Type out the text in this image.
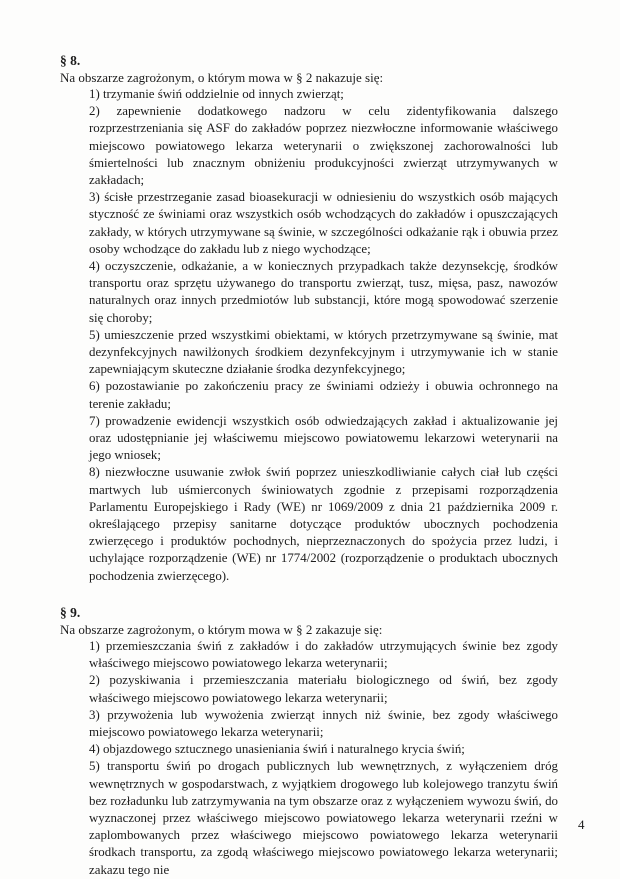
§ 8.

Na obszarze zagrożonym, o którym mowa w § 2 nakazuje się:

1) trzymanie świń oddzielnie od innych zwierząt;

2) zapewnienie dodatkowego nadzoru w celu zidentyfikowania dalszego rozprzestrzeniania się ASF do zakładów poprzez niezwłoczne informowanie właściwego miejscowo powiatowego lekarza weterynarii o zwiększonej zachorowalności lub śmiertelności lub znacznym obniżeniu produkcyjności zwierząt utrzymywanych w zakładach;

3) ścisłe przestrzeganie zasad bioasekuracji w odniesieniu do wszystkich osób mających styczność ze świniami oraz wszystkich osób wchodzących do zakładów i opuszczających zakłady, w których utrzymywane są świnie, w szczególności odkażanie rąk i obuwia przez osoby wchodzące do zakładu lub z niego wychodzące;

4) oczyszczenie, odkażanie, a w koniecznych przypadkach także dezynsekcję, środków transportu oraz sprzętu używanego do transportu zwierząt, tusz, mięsa, pasz, nawozów naturalnych oraz innych przedmiotów lub substancji, które mogą spowodować szerzenie się choroby;

5) umieszczenie przed wszystkimi obiektami, w których przetrzymywane są świnie, mat dezynfekcyjnych nawilżonych środkiem dezynfekcyjnym i utrzymywanie ich w stanie zapewniającym skuteczne działanie środka dezynfekcyjnego;

6) pozostawianie po zakończeniu pracy ze świniami odzieży i obuwia ochronnego na terenie zakładu;

7) prowadzenie ewidencji wszystkich osób odwiedzających zakład i aktualizowanie jej oraz udostępnianie jej właściwemu miejscowo powiatowemu lekarzowi weterynarii na jego wniosek;

8) niezwłoczne usuwanie zwłok świń poprzez unieszkodliwianie całych ciał lub części martwych lub uśmierconych świniowatych zgodnie z przepisami rozporządzenia Parlamentu Europejskiego i Rady (WE) nr 1069/2009 z dnia 21 października 2009 r. określającego przepisy sanitarne dotyczące produktów ubocznych pochodzenia zwierzęcego i produktów pochodnych, nieprzeznaczonych do spożycia przez ludzi, i uchylające rozporządzenie (WE) nr 1774/2002 (rozporządzenie o produktach ubocznych pochodzenia zwierzęcego).

§ 9.

Na obszarze zagrożonym, o którym mowa w § 2 zakazuje się:

1) przemieszczania świń z zakładów i do zakładów utrzymujących świnie bez zgody właściwego miejscowo powiatowego lekarza weterynarii;

2) pozyskiwania i przemieszczania materiału biologicznego od świń, bez zgody właściwego miejscowo powiatowego lekarza weterynarii;

3) przywożenia lub wywożenia zwierząt innych niż świnie, bez zgody właściwego miejscowo powiatowego lekarza weterynarii;

4) objazdowego sztucznego unasieniania świń i naturalnego krycia świń;

5) transportu świń po drogach publicznych lub wewnętrznych, z wyłączeniem dróg wewnętrznych w gospodarstwach, z wyjątkiem drogowego lub kolejowego tranzytu świń bez rozładunku lub zatrzymywania na tym obszarze oraz z wyłączeniem wywozu świń, do wyznaczonej przez właściwego miejscowo powiatowego lekarza weterynarii rzeźni w zaplombowanych przez właściwego miejscowo powiatowego lekarza weterynarii środkach transportu, za zgodą właściwego miejscowo powiatowego lekarza weterynarii; zakazu tego nie

4
